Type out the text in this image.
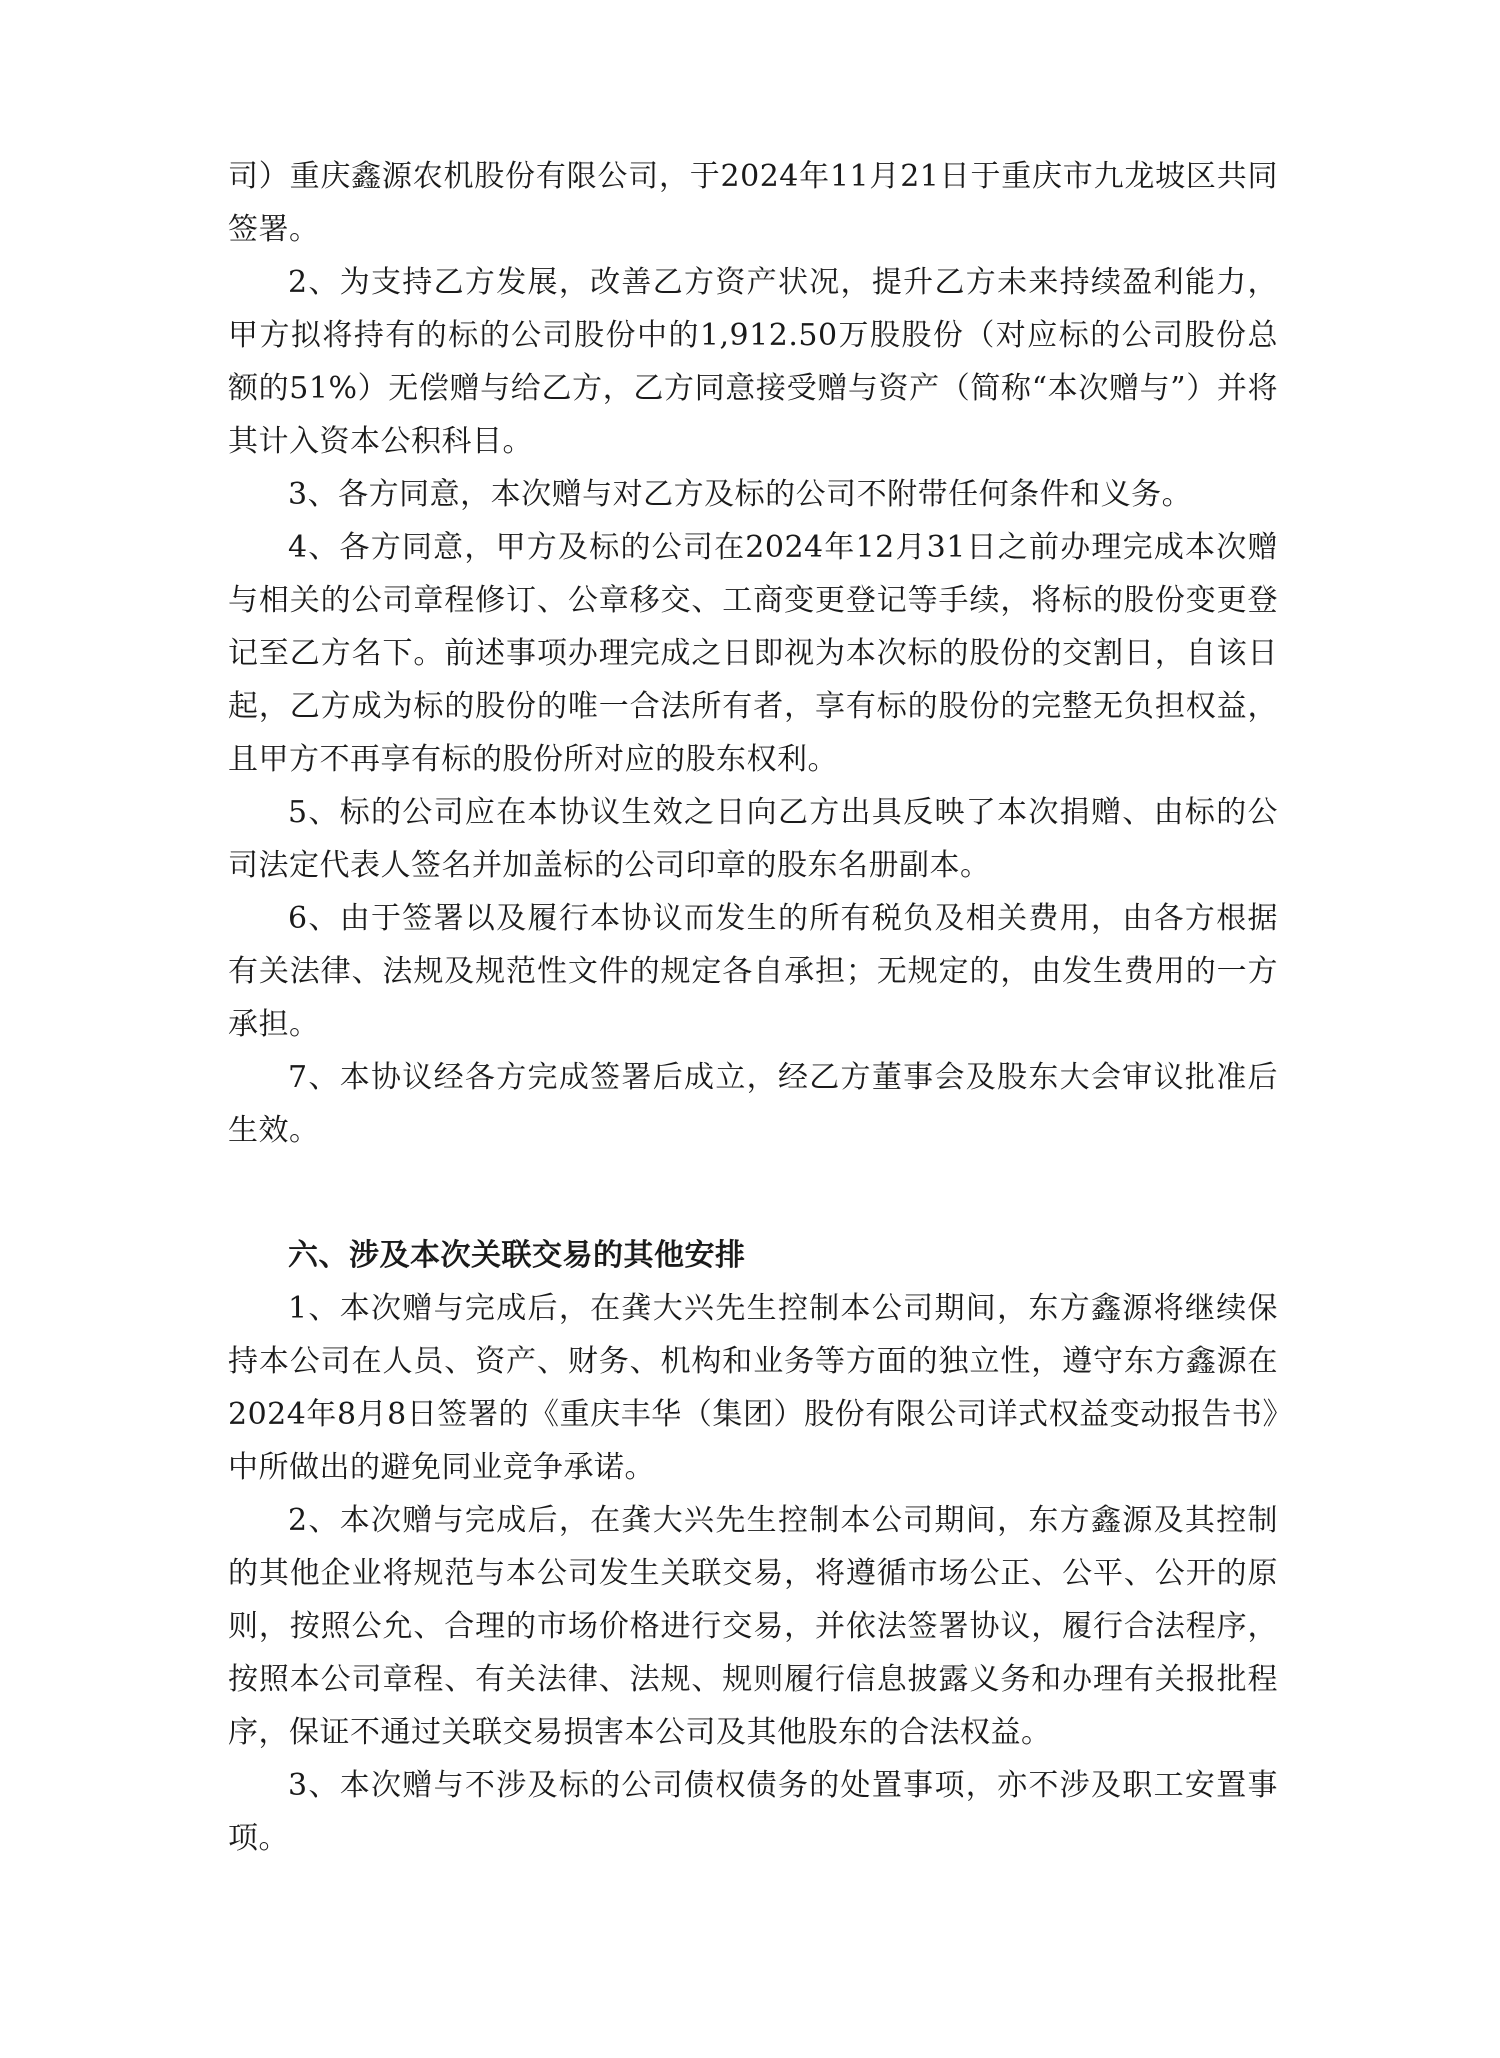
司）重庆鑫源农机股份有限公司，于2024年11月21日于重庆市九龙坡区共同签署。

2、为支持乙方发展，改善乙方资产状况，提升乙方未来持续盈利能力，甲方拟将持有的标的公司股份中的1,912.50万股股份（对应标的公司股份总额的51%）无偿赠与给乙方，乙方同意接受赠与资产（简称“本次赠与”）并将其计入资本公积科目。

3、各方同意，本次赠与对乙方及标的公司不附带任何条件和义务。

4、各方同意，甲方及标的公司在2024年12月31日之前办理完成本次赠与相关的公司章程修订、公章移交、工商变更登记等手续，将标的股份变更登记至乙方名下。前述事项办理完成之日即视为本次标的股份的交割日，自该日起，乙方成为标的股份的唯一合法所有者，享有标的股份的完整无负担权益，且甲方不再享有标的股份所对应的股东权利。

5、标的公司应在本协议生效之日向乙方出具反映了本次捐赠、由标的公司法定代表人签名并加盖标的公司印章的股东名册副本。

6、由于签署以及履行本协议而发生的所有税负及相关费用，由各方根据有关法律、法规及规范性文件的规定各自承担；无规定的，由发生费用的一方承担。

7、本协议经各方完成签署后成立，经乙方董事会及股东大会审议批准后生效。

六、涉及本次关联交易的其他安排

1、本次赠与完成后，在龚大兴先生控制本公司期间，东方鑫源将继续保持本公司在人员、资产、财务、机构和业务等方面的独立性，遵守东方鑫源在2024年8月8日签署的《重庆丰华（集团）股份有限公司详式权益变动报告书》中所做出的避免同业竞争承诺。

2、本次赠与完成后，在龚大兴先生控制本公司期间，东方鑫源及其控制的其他企业将规范与本公司发生关联交易，将遵循市场公正、公平、公开的原则，按照公允、合理的市场价格进行交易，并依法签署协议，履行合法程序，按照本公司章程、有关法律、法规、规则履行信息披露义务和办理有关报批程序，保证不通过关联交易损害本公司及其他股东的合法权益。

3、本次赠与不涉及标的公司债权债务的处置事项，亦不涉及职工安置事项。
